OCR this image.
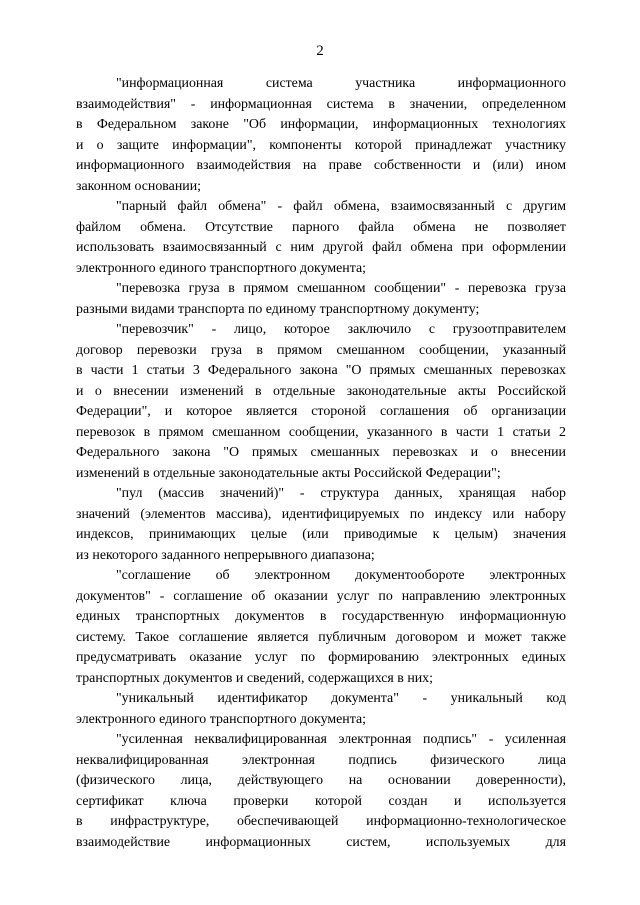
2
"информационная система участника информационного
взаимодействия" - информационная система в значении, определенном
в Федеральном законе "Об информации, информационных технологиях
и о защите информации", компоненты которой принадлежат участнику
информационного взаимодействия на праве собственности и (или) ином
законном основании;
"парный файл обмена" - файл обмена, взаимосвязанный с другим
файлом обмена. Отсутствие парного файла обмена не позволяет
использовать взаимосвязанный с ним другой файл обмена при оформлении
электронного единого транспортного документа;
"перевозка груза в прямом смешанном сообщении" - перевозка груза
разными видами транспорта по единому транспортному документу;
"перевозчик" - лицо, которое заключило с грузоотправителем
договор перевозки груза в прямом смешанном сообщении, указанный
в части 1 статьи 3 Федерального закона "О прямых смешанных перевозках
и о внесении изменений в отдельные законодательные акты Российской
Федерации", и которое является стороной соглашения об организации
перевозок в прямом смешанном сообщении, указанного в части 1 статьи 2
Федерального закона "О прямых смешанных перевозках и о внесении
изменений в отдельные законодательные акты Российской Федерации";
"пул (массив значений)" - структура данных, хранящая набор
значений (элементов массива), идентифицируемых по индексу или набору
индексов, принимающих целые (или приводимые к целым) значения
из некоторого заданного непрерывного диапазона;
"соглашение об электронном документообороте электронных
документов" - соглашение об оказании услуг по направлению электронных
единых транспортных документов в государственную информационную
систему. Такое соглашение является публичным договором и может также
предусматривать оказание услуг по формированию электронных единых
транспортных документов и сведений, содержащихся в них;
"уникальный идентификатор документа" - уникальный код
электронного единого транспортного документа;
"усиленная неквалифицированная электронная подпись" - усиленная
неквалифицированная электронная подпись физического лица
(физического лица, действующего на основании доверенности),
сертификат ключа проверки которой создан и используется
в инфраструктуре, обеспечивающей информационно-технологическое
взаимодействие информационных систем, используемых для
